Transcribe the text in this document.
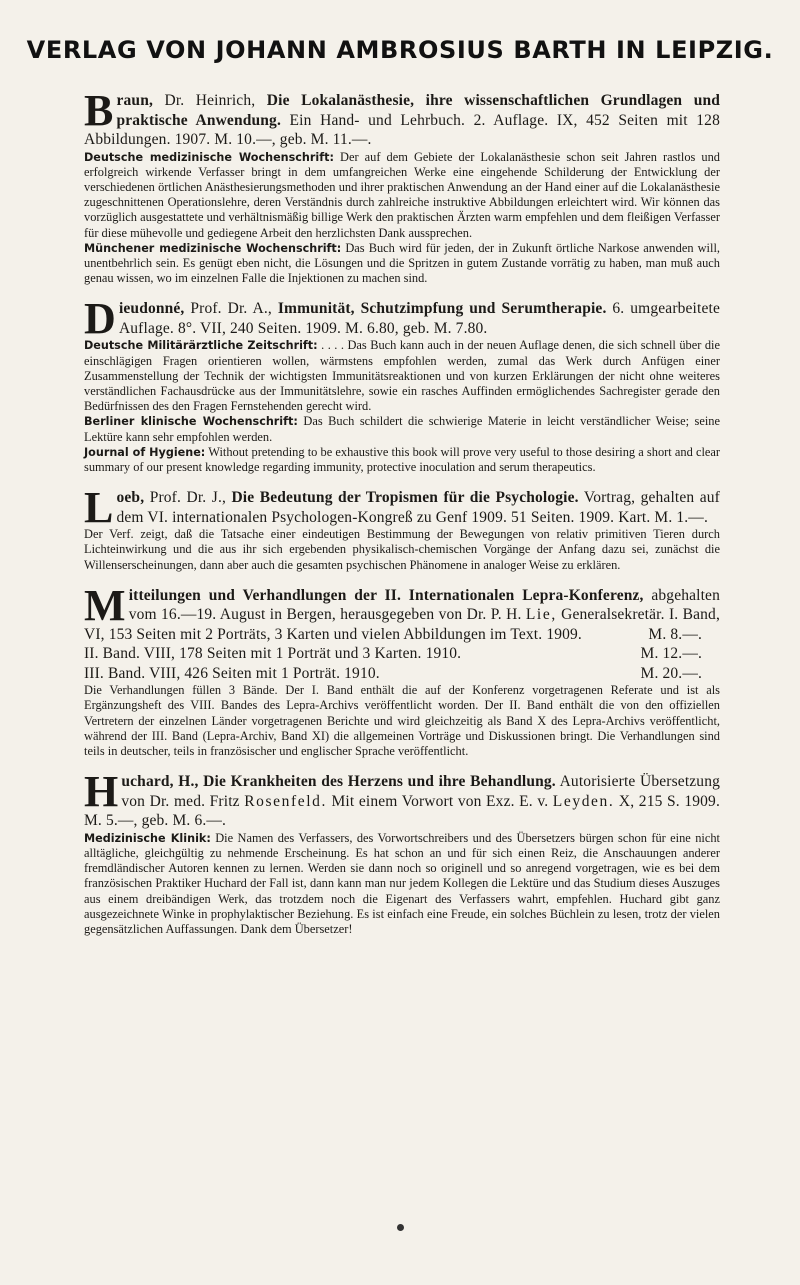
VERLAG VON JOHANN AMBROSIUS BARTH IN LEIPZIG.

Braun, Dr. Heinrich, Die Lokalanästhesie, ihre wissenschaftlichen Grundlagen und praktische Anwendung. Ein Hand- und Lehrbuch. 2. Auflage. IX, 452 Seiten mit 128 Abbildungen. 1907. M. 10.—, geb. M. 11.—.

Deutsche medizinische Wochenschrift: Der auf dem Gebiete der Lokalanästhesie schon seit Jahren rastlos und erfolgreich wirkende Verfasser bringt in dem umfangreichen Werke eine eingehende Schilderung der Entwicklung der verschiedenen örtlichen Anästhesierungsmethoden und ihrer praktischen Anwendung an der Hand einer auf die Lokalanästhesie zugeschnittenen Operationslehre, deren Verständnis durch zahlreiche instruktive Abbildungen erleichtert wird. Wir können das vorzüglich ausgestattete und verhältnismäßig billige Werk den praktischen Ärzten warm empfehlen und dem fleißigen Verfasser für diese mühevolle und gediegene Arbeit den herzlichsten Dank aussprechen.

Münchener medizinische Wochenschrift: Das Buch wird für jeden, der in Zukunft örtliche Narkose anwenden will, unentbehrlich sein. Es genügt eben nicht, die Lösungen und die Spritzen in gutem Zustande vorrätig zu haben, man muß auch genau wissen, wo im einzelnen Falle die Injektionen zu machen sind.

Dieudonné, Prof. Dr. A., Immunität, Schutzimpfung und Serumtherapie. 6. umgearbeitete Auflage. 8°. VII, 240 Seiten. 1909. M. 6.80, geb. M. 7.80.

Deutsche Militärärztliche Zeitschrift: . . . . Das Buch kann auch in der neuen Auflage denen, die sich schnell über die einschlägigen Fragen orientieren wollen, wärmstens empfohlen werden, zumal das Werk durch Anfügen einer Zusammenstellung der Technik der wichtigsten Immunitätsreaktionen und von kurzen Erklärungen der nicht ohne weiteres verständlichen Fachausdrücke aus der Immunitätslehre, sowie ein rasches Auffinden ermöglichendes Sachregister gerade den Bedürfnissen des den Fragen Fernstehenden gerecht wird.

Berliner klinische Wochenschrift: Das Buch schildert die schwierige Materie in leicht verständlicher Weise; seine Lektüre kann sehr empfohlen werden.

Journal of Hygiene: Without pretending to be exhaustive this book will prove very useful to those desiring a short and clear summary of our present knowledge regarding immunity, protective inoculation and serum therapeutics.

Loeb, Prof. Dr. J., Die Bedeutung der Tropismen für die Psychologie. Vortrag, gehalten auf dem VI. internationalen Psychologen-Kongreß zu Genf 1909. 51 Seiten. 1909. Kart. M. 1.—.

Der Verf. zeigt, daß die Tatsache einer eindeutigen Bestimmung der Bewegungen von relativ primitiven Tieren durch Lichteinwirkung und die aus ihr sich ergebenden physikalisch-chemischen Vorgänge der Anfang dazu sei, zunächst die Willenserscheinungen, dann aber auch die gesamten psychischen Phänomene in analoger Weise zu erklären.

Mitteilungen und Verhandlungen der II. Internationalen Lepra-Konferenz, abgehalten vom 16.—19. August in Bergen, herausgegeben von Dr. P. H. Lie, Generalsekretär. I. Band, VI, 153 Seiten mit 2 Porträts, 3 Karten und vielen Abbildungen im Text. 1909.	M. 8.—.
II. Band. VIII, 178 Seiten mit 1 Porträt und 3 Karten. 1910.	M. 12.—.
III. Band. VIII, 426 Seiten mit 1 Porträt. 1910.	M. 20.—.

Die Verhandlungen füllen 3 Bände. Der I. Band enthält die auf der Konferenz vorgetragenen Referate und ist als Ergänzungsheft des VIII. Bandes des Lepra-Archivs veröffentlicht worden. Der II. Band enthält die von den offiziellen Vertretern der einzelnen Länder vorgetragenen Berichte und wird gleichzeitig als Band X des Lepra-Archivs veröffentlicht, während der III. Band (Lepra-Archiv, Band XI) die allgemeinen Vorträge und Diskussionen bringt. Die Verhandlungen sind teils in deutscher, teils in französischer und englischer Sprache veröffentlicht.

Huchard, H., Die Krankheiten des Herzens und ihre Behandlung. Autorisierte Übersetzung von Dr. med. Fritz Rosenfeld. Mit einem Vorwort von Exz. E. v. Leyden. X, 215 S. 1909. M. 5.—, geb. M. 6.—.

Medizinische Klinik: Die Namen des Verfassers, des Vorwortschreibers und des Übersetzers bürgen schon für eine nicht alltägliche, gleichgültig zu nehmende Erscheinung. Es hat schon an und für sich einen Reiz, die Anschauungen anderer fremdländischer Autoren kennen zu lernen. Werden sie dann noch so originell und so anregend vorgetragen, wie es bei dem französischen Praktiker Huchard der Fall ist, dann kann man nur jedem Kollegen die Lektüre und das Studium dieses Auszuges aus einem dreibändigen Werk, das trotzdem noch die Eigenart des Verfassers wahrt, empfehlen. Huchard gibt ganz ausgezeichnete Winke in prophylaktischer Beziehung. Es ist einfach eine Freude, ein solches Büchlein zu lesen, trotz der vielen gegensätzlichen Auffassungen. Dank dem Übersetzer!
